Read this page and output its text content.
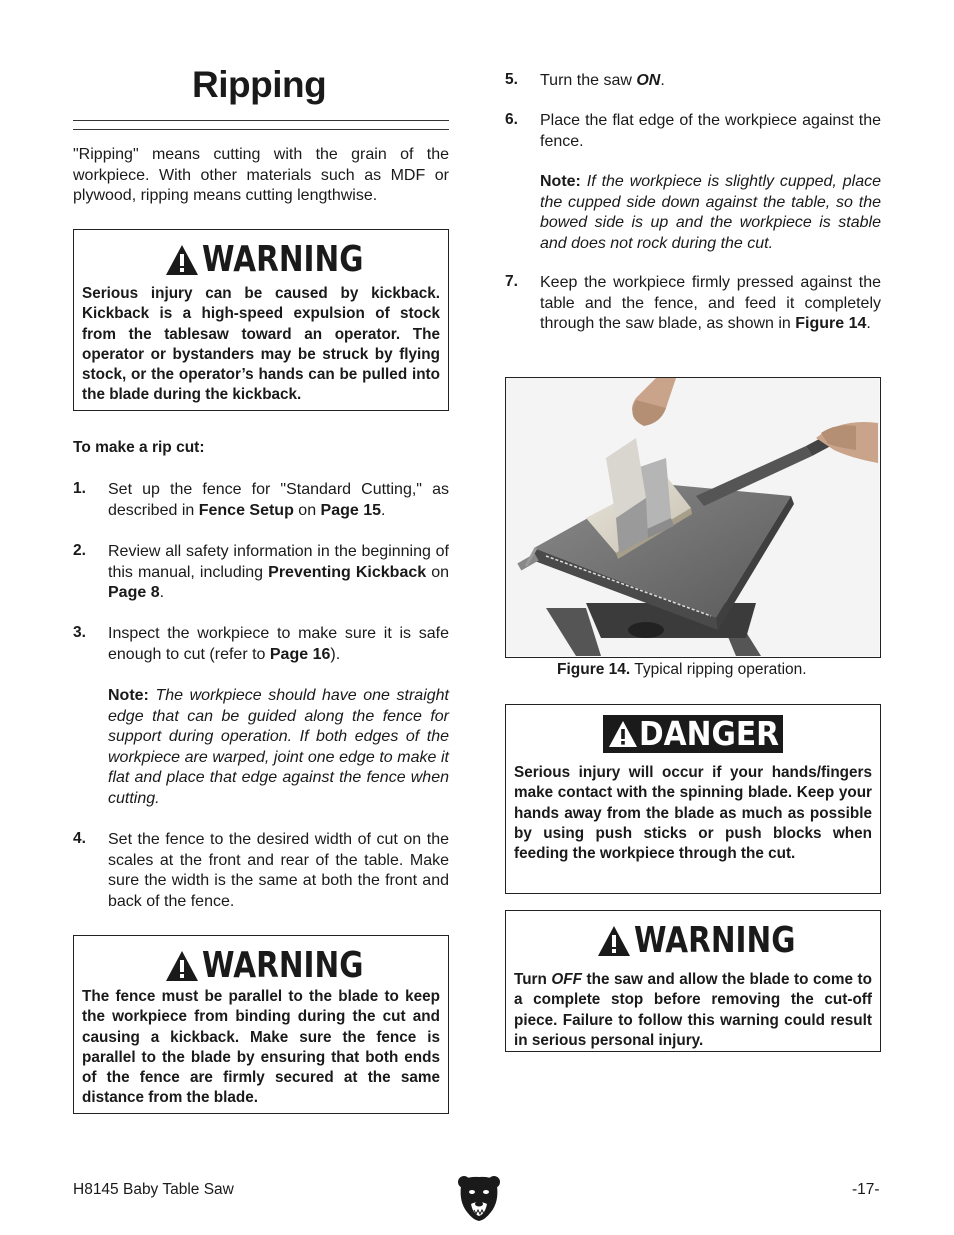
Ripping

"Ripping" means cutting with the grain of the workpiece. With other materials such as MDF or plywood, ripping means cutting lengthwise.

WARNING

Serious injury can be caused by kickback. Kickback is a high-speed expulsion of stock from the tablesaw toward an operator. The operator or bystanders may be struck by flying stock, or the operator’s hands can be pulled into the blade during the kickback.

To make a rip cut:
1. Set up the fence for "Standard Cutting," as described in Fence Setup on Page 15.

2. Review all safety information in the beginning of this manual, including Preventing Kickback on Page 8.

3. Inspect the workpiece to make sure it is safe enough to cut (refer to Page 16).

Note: The workpiece should have one straight edge that can be guided along the fence for support during operation. If both edges of the workpiece are warped, joint one edge to make it flat and place that edge against the fence when cutting.

4. Set the fence to the desired width of cut on the scales at the front and rear of the table. Make sure the width is the same at both the front and back of the fence.

WARNING

The fence must be parallel to the blade to keep the workpiece from binding during the cut and causing a kickback. Make sure the fence is parallel to the blade by ensuring that both ends of the fence are firmly secured at the same distance from the blade.

5. Turn the saw ON.

6. Place the flat edge of the workpiece against the fence.

Note: If the workpiece is slightly cupped, place the cupped side down against the table, so the bowed side is up and the workpiece is stable and does not rock during the cut.

7. Keep the workpiece firmly pressed against the table and the fence, and feed it completely through the saw blade, as shown in Figure 14.

Figure 14. Typical ripping operation.
DANGER

Serious injury will occur if your hands/fingers make contact with the spinning blade. Keep your hands away from the blade as much as possible by using push sticks or push blocks when feeding the workpiece through the cut.

WARNING

Turn OFF the saw and allow the blade to come to a complete stop before removing the cut-off piece. Failure to follow this warning could result in serious personal injury.

H8145 Baby Table Saw	-17-
